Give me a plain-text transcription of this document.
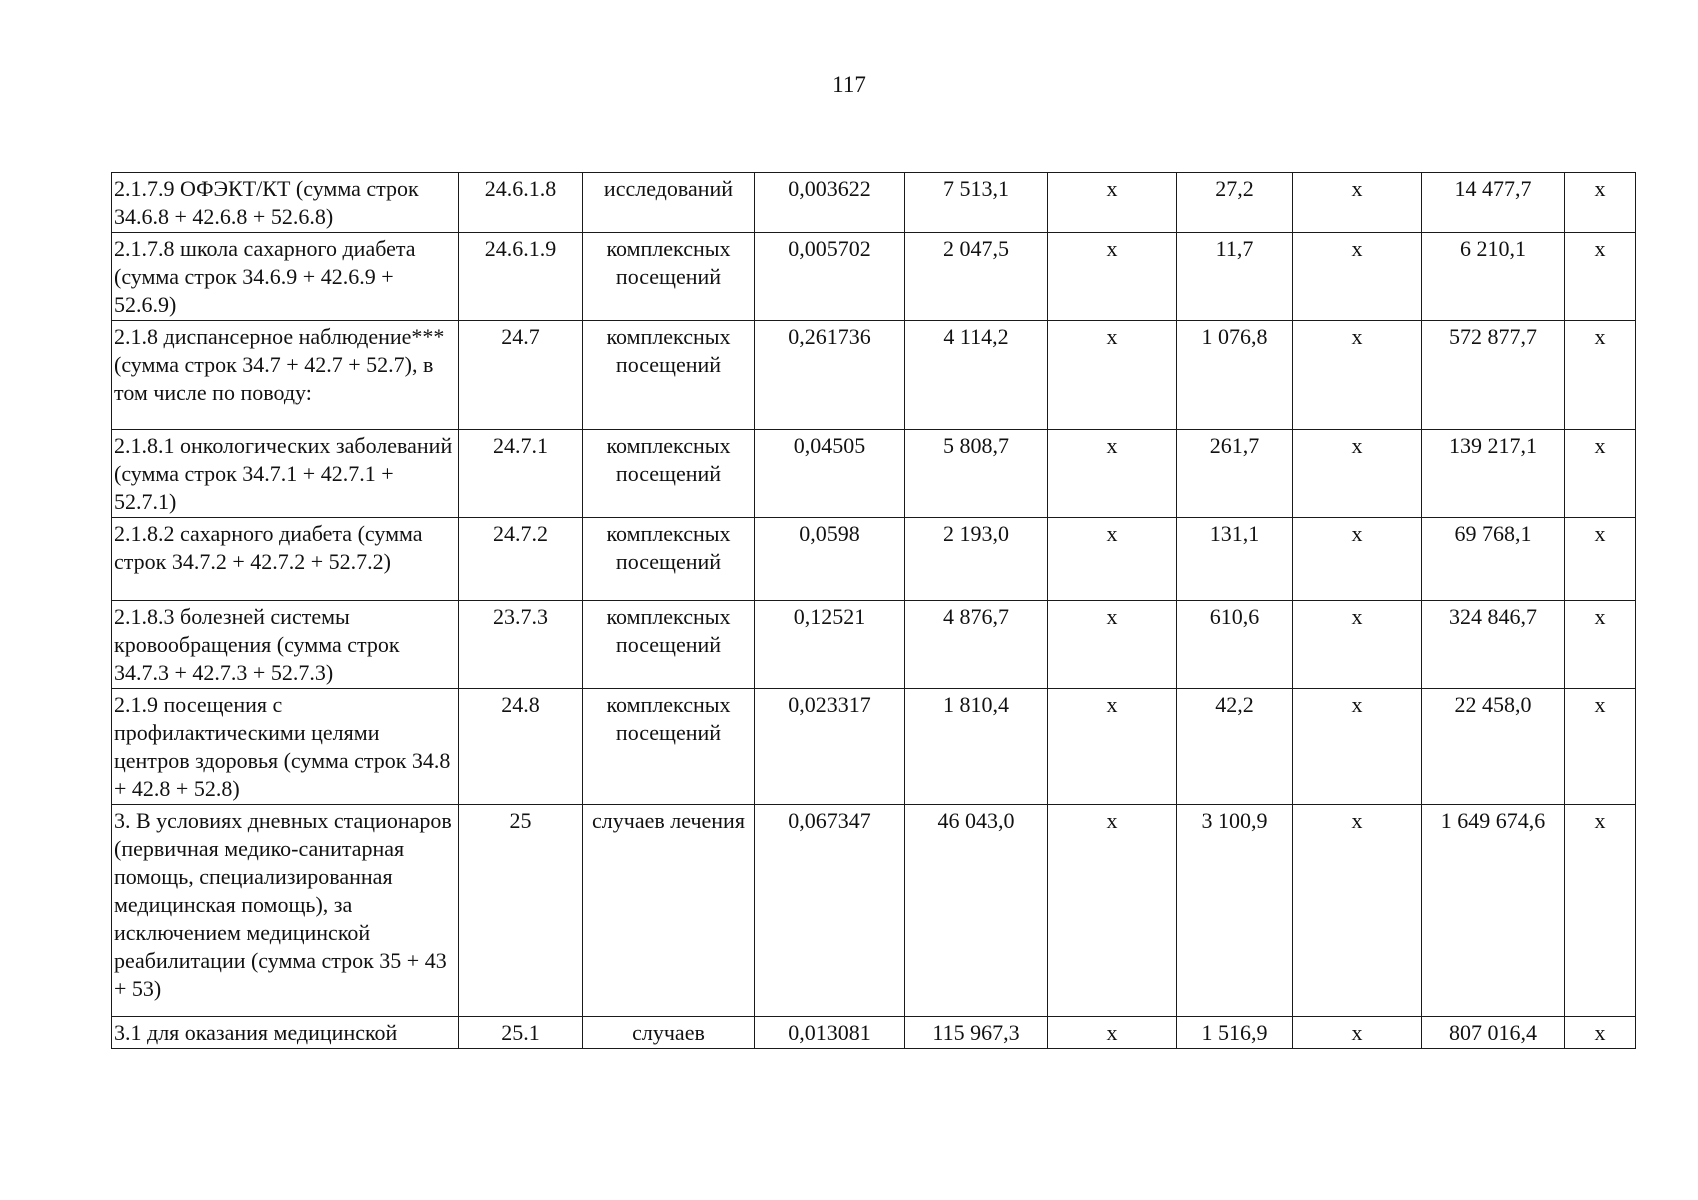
117
2.1.7.9 ОФЭКТ/КТ (сумма строк 34.6.8 + 42.6.8 + 52.6.8)	24.6.1.8	исследований	0,003622	7 513,1	х	27,2	х	14 477,7	х
2.1.7.8 школа сахарного диабета (сумма строк 34.6.9 + 42.6.9 + 52.6.9)	24.6.1.9	комплексных посещений	0,005702	2 047,5	х	11,7	х	6 210,1	х
2.1.8 диспансерное наблюдение*** (сумма строк 34.7 + 42.7 + 52.7), в том числе по поводу:	24.7	комплексных посещений	0,261736	4 114,2	х	1 076,8	х	572 877,7	х
2.1.8.1 онкологических заболеваний (сумма строк 34.7.1 + 42.7.1 + 52.7.1)	24.7.1	комплексных посещений	0,04505	5 808,7	х	261,7	х	139 217,1	х
2.1.8.2 сахарного диабета (сумма строк 34.7.2 + 42.7.2 + 52.7.2)	24.7.2	комплексных посещений	0,0598	2 193,0	х	131,1	х	69 768,1	х
2.1.8.3 болезней системы кровообращения (сумма строк 34.7.3 + 42.7.3 + 52.7.3)	23.7.3	комплексных посещений	0,12521	4 876,7	х	610,6	х	324 846,7	х
2.1.9 посещения с профилактическими целями центров здоровья (сумма строк 34.8 + 42.8 + 52.8)	24.8	комплексных посещений	0,023317	1 810,4	х	42,2	х	22 458,0	х
3. В условиях дневных стационаров (первичная медико-санитарная помощь, специализированная медицинская помощь), за исключением медицинской реабилитации (сумма строк 35 + 43 + 53)	25	случаев лечения	0,067347	46 043,0	х	3 100,9	х	1 649 674,6	х
3.1 для оказания медицинской	25.1	случаев	0,013081	115 967,3	х	1 516,9	х	807 016,4	х
